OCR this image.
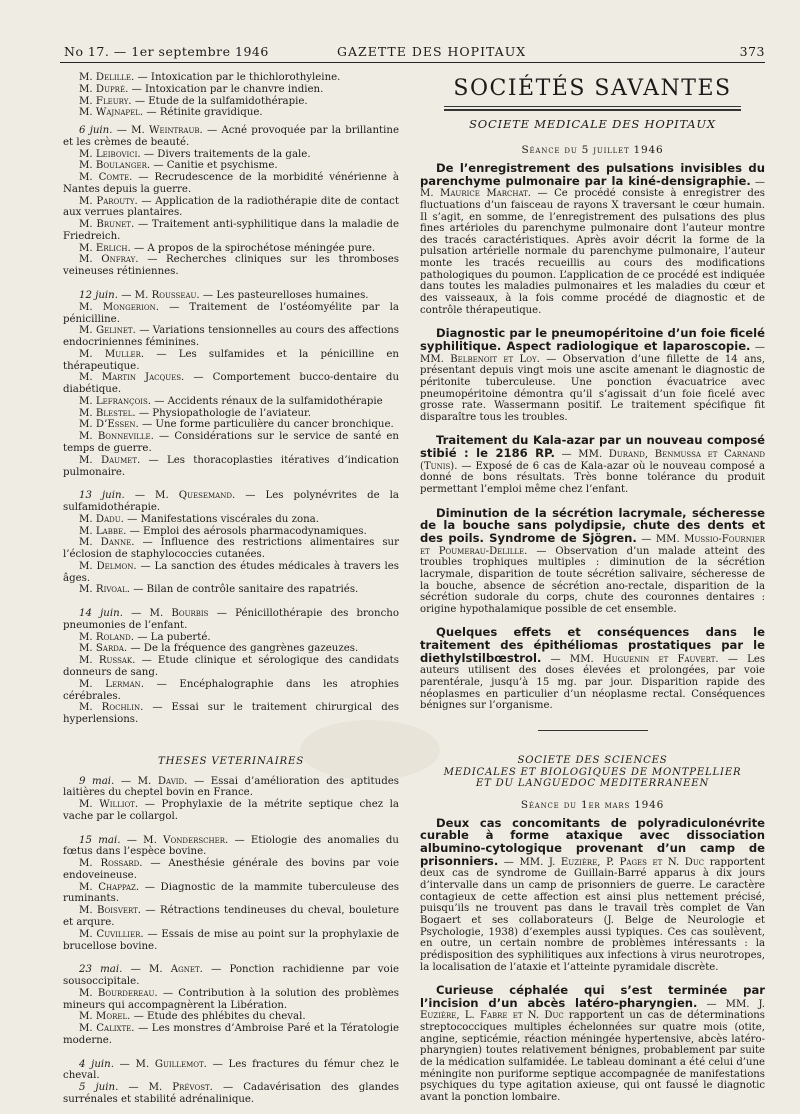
No 17. — 1er septembre 1946	GAZETTE DES HOPITAUX	373

M. Delille. — Intoxication par le thichlorothyleine.

M. Dupré. — Intoxication par le chanvre indien.

M. Fleury. — Etude de la sulfamidothérapie.

M. Wajnapel. — Rétinite gravidique.

6 juin. — M. Weintraub. — Acné provoquée par la brillantine et les crèmes de beauté.

M. Leibovici. — Divers traitements de la gale.

M. Boulanger. — Canitie et psychisme.

M. Comte. — Recrudescence de la morbidité vénérienne à Nantes depuis la guerre.

M. Parouty. — Application de la radiothérapie dite de contact aux verrues plantaires.

M. Brunet. — Traitement anti-syphilitique dans la maladie de Friedreich.

M. Erlich. — A propos de la spirochétose méningée pure.

M. Onfray. — Recherches cliniques sur les thromboses veineuses rétiniennes.

12 juin. — M. Rousseau. — Les pasteurelloses humaines.

M. Mongerion. — Traitement de l’ostéomyélite par la pénicilline.

M. Gelinet. — Variations tensionnelles au cours des affections endocriniennes féminines.

M. Muller. — Les sulfamides et la pénicilline en thérapeutique.

M. Martin Jacques. — Comportement bucco-dentaire du diabétique.

M. Lefrançois. — Accidents rénaux de la sulfamidothérapie

M. Blestel. — Physiopathologie de l’aviateur.

M. D’Essen. — Une forme particulière du cancer bronchique.

M. Bonneville. — Considérations sur le service de santé en temps de guerre.

M. Daumet. — Les thoracoplasties itératives d’indication pulmonaire.

13 juin. — M. Quesemand. — Les polynévrites de la sulfamidothérapie.

M. Dadu. — Manifestations viscérales du zona.

M. Labbe. — Emploi des aérosols pharmacodynamiques.

M. Danne. — Influence des restrictions alimentaires sur l’éclosion de staphylococcies cutanées.

M. Delmon. — La sanction des études médicales à travers les âges.

M. Rivoal. — Bilan de contrôle sanitaire des rapatriés.

14 juin. — M. Bourbis — Pénicillothérapie des broncho pneumonies de l’enfant.

M. Roland. — La puberté.

M. Sarda. — De la fréquence des gangrènes gazeuzes.

M. Russak. — Etude clinique et sérologique des candidats donneurs de sang.

M. Lerman. — Encéphalographie dans les atrophies cérébrales.

M. Rochlin. — Essai sur le traitement chirurgical des hyperlensions.

THESES VETERINAIRES

9 mai. — M. David. — Essai d’amélioration des aptitudes laitières du cheptel bovin en France.

M. Williot. — Prophylaxie de la métrite septique chez la vache par le collargol.

15 mai. — M. Vonderscher. — Etiologie des anomalies du fœtus dans l’espèce bovine.

M. Rossard. — Anesthésie générale des bovins par voie endoveineuse.

M. Chappaz. — Diagnostic de la mammite tuberculeuse des ruminants.

M. Boisvert. — Rétractions tendineuses du cheval, bouleture et arqure.

M. Cuvillier. — Essais de mise au point sur la prophylaxie de brucellose bovine.

23 mai. — M. Agnet. — Ponction rachidienne par voie sousoccipitale.

M. Bourdereau. — Contribution à la solution des problèmes mineurs qui accompagnèrent la Libération.

M. Morel. — Etude des phlébites du cheval.

M. Calixte. — Les monstres d’Ambroise Paré et la Tératologie moderne.

4 juin. — M. Guillemot. — Les fractures du fémur chez le cheval.

5 juin. — M. Prévost. — Cadavérisation des glandes surrénales et stabilité adrénalinique.

SOCIÉTÉS SAVANTES
SOCIETE MEDICALE DES HOPITAUX
Séance du 5 juillet 1946

De l’enregistrement des pulsations invisibles du parenchyme pulmonaire par la kiné-densigraphie. — M. Maurice Marchat. — Ce procédé consiste à enregistrer des fluctuations d’un faisceau de rayons X traversant le cœur humain. Il s’agit, en somme, de l’enregistrement des pulsations des plus fines artérioles du parenchyme pulmonaire dont l’auteur montre des tracés caractéristiques. Après avoir décrit la forme de la pulsation artérielle normale du parenchyme pulmonaire, l’auteur monte les tracés recueillis au cours des modifications pathologiques du poumon. L’application de ce procédé est indiquée dans toutes les maladies pulmonaires et les maladies du cœur et des vaisseaux, à la fois comme procédé de diagnostic et de contrôle thérapeutique.

Diagnostic par le pneumopéritoine d’un foie ficelé syphilitique. Aspect radiologique et laparoscopie. — MM. Belbenoit et Loy. — Observation d’une fillette de 14 ans, présentant depuis vingt mois une ascite amenant le diagnostic de péritonite tuberculeuse. Une ponction évacuatrice avec pneumopéritoine démontra qu’il s’agissait d’un foie ficelé avec grosse rate. Wassermann positif. Le traitement spécifique fit disparaître tous les troubles.

Traitement du Kala-azar par un nouveau composé stibié : le 2186 RP. — MM. Durand, Benmussa et Carnand (Tunis). — Exposé de 6 cas de Kala-azar où le nouveau composé a donné de bons résultats. Très bonne tolérance du produit permettant l’emploi même chez l’enfant.

Diminution de la sécrétion lacrymale, sécheresse de la bouche sans polydipsie, chute des dents et des poils. Syndrome de Sjögren. — MM. Mussio-Fournier et Poumerau-Delille. — Observation d’un malade atteint des troubles trophiques multiples : diminution de la sécrétion lacrymale, disparition de toute sécrétion salivaire, sécheresse de la bouche, absence de sécrétion ano-rectale, disparition de la sécrétion sudorale du corps, chute des couronnes dentaires : origine hypothalamique possible de cet ensemble.

Quelques effets et conséquences dans le traitement des épithéliomas prostatiques par le diethylstilbœstrol. — MM. Huguenin et Fauvert. — Les auteurs utilisent des doses élevées et prolongées, par voie parentérale, jusqu’à 15 mg. par jour. Disparition rapide des néoplasmes en particulier d’un néoplasme rectal. Conséquences bénignes sur l’organisme.

SOCIETE DES SCIENCES
MEDICALES ET BIOLOGIQUES DE MONTPELLIER
ET DU LANGUEDOC MEDITERRANEEN
Séance du 1er mars 1946

Deux cas concomitants de polyradiculonévrite curable à forme ataxique avec dissociation albumino-cytologique provenant d’un camp de prisonniers. — MM. J. Euzière, P. Pages et N. Duc rapportent deux cas de syndrome de Guillain-Barré apparus à dix jours d’intervalle dans un camp de prisonniers de guerre. Le caractère contagieux de cette affection est ainsi plus nettement précisé, puisqu’ils ne trouvent pas dans le travail très complet de Van Bogaert et ses collaborateurs (J. Belge de Neurologie et Psychologie, 1938) d’exemples aussi typiques. Ces cas soulèvent, en outre, un certain nombre de problèmes intéressants : la prédisposition des syphilitiques aux infections à virus neurotropes, la localisation de l’ataxie et l’atteinte pyramidale discrète.

Curieuse céphalée qui s’est terminée par l’incision d’un abcès latéro-pharyngien. — MM. J. Euzière, L. Fabre et N. Duc rapportent un cas de déterminations streptococciques multiples échelonnées sur quatre mois (otite, angine, septicémie, réaction méningée hypertensive, abcès latéro-pharyngien) toutes relativement bénignes, probablement par suite de la médication sulfamidée. Le tableau dominant a été celui d’une méningite non puriforme septique accompagnée de manifestations psychiques du type agitation axieuse, qui ont faussé le diagnotic avant la ponction lombaire.
